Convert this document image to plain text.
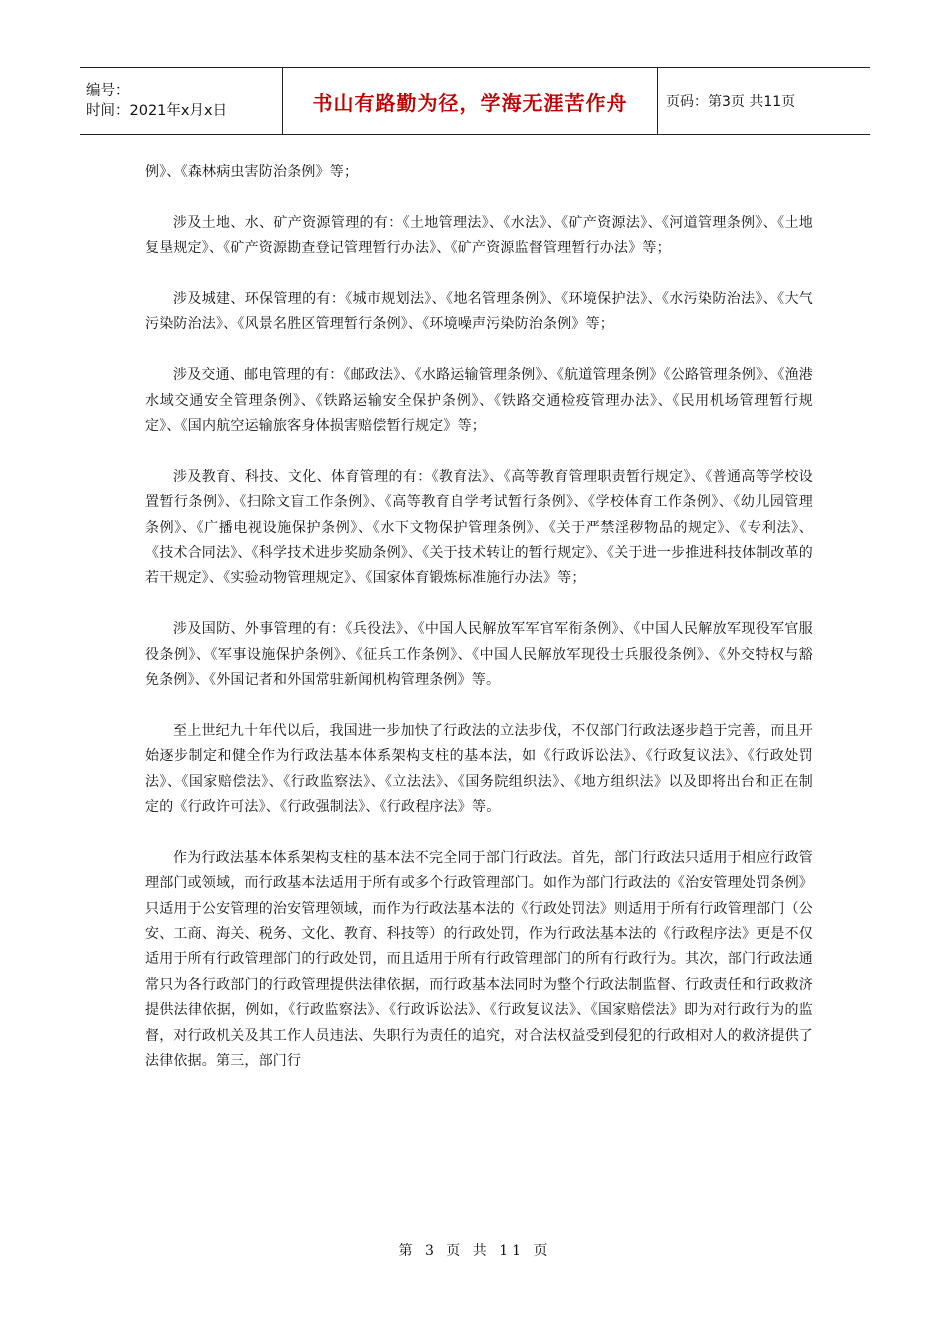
编号：
时间：2021年x月x日	书山有路勤为径，学海无涯苦作舟	页码：第3页 共11页

例》、《森林病虫害防治条例》等；

涉及土地、水、矿产资源管理的有：《土地管理法》、《水法》、《矿产资源法》、《河道管理条例》、《土地复垦规定》、《矿产资源勘查登记管理暂行办法》、《矿产资源监督管理暂行办法》等；

涉及城建、环保管理的有：《城市规划法》、《地名管理条例》、《环境保护法》、《水污染防治法》、《大气污染防治法》、《风景名胜区管理暂行条例》、《环境噪声污染防治条例》等；

涉及交通、邮电管理的有：《邮政法》、《水路运输管理条例》、《航道管理条例》《公路管理条例》、《渔港水域交通安全管理条例》、《铁路运输安全保护条例》、《铁路交通检疫管理办法》、《民用机场管理暂行规定》、《国内航空运输旅客身体损害赔偿暂行规定》等；

涉及教育、科技、文化、体育管理的有：《教育法》、《高等教育管理职责暂行规定》、《普通高等学校设置暂行条例》、《扫除文盲工作条例》、《高等教育自学考试暂行条例》、《学校体育工作条例》、《幼儿园管理条例》、《广播电视设施保护条例》、《水下文物保护管理条例》、《关于严禁淫秽物品的规定》、《专利法》、《技术合同法》、《科学技术进步奖励条例》、《关于技术转让的暂行规定》、《关于进一步推进科技体制改革的若干规定》、《实验动物管理规定》、《国家体育锻炼标准施行办法》等；

涉及国防、外事管理的有：《兵役法》、《中国人民解放军军官军衔条例》、《中国人民解放军现役军官服役条例》、《军事设施保护条例》、《征兵工作条例》、《中国人民解放军现役士兵服役条例》、《外交特权与豁免条例》、《外国记者和外国常驻新闻机构管理条例》等。

至上世纪九十年代以后，我国进一步加快了行政法的立法步伐，不仅部门行政法逐步趋于完善，而且开始逐步制定和健全作为行政法基本体系架构支柱的基本法，如《行政诉讼法》、《行政复议法》、《行政处罚法》、《国家赔偿法》、《行政监察法》、《立法法》、《国务院组织法》、《地方组织法》以及即将出台和正在制定的《行政许可法》、《行政强制法》、《行政程序法》等。

作为行政法基本体系架构支柱的基本法不完全同于部门行政法。首先，部门行政法只适用于相应行政管理部门或领域，而行政基本法适用于所有或多个行政管理部门。如作为部门行政法的《治安管理处罚条例》只适用于公安管理的治安管理领域，而作为行政法基本法的《行政处罚法》则适用于所有行政管理部门（公安、工商、海关、税务、文化、教育、科技等）的行政处罚，作为行政法基本法的《行政程序法》更是不仅适用于所有行政管理部门的行政处罚，而且适用于所有行政管理部门的所有行政行为。其次，部门行政法通常只为各行政部门的行政管理提供法律依据，而行政基本法同时为整个行政法制监督、行政责任和行政救济提供法律依据，例如，《行政监察法》、《行政诉讼法》、《行政复议法》、《国家赔偿法》即为对行政行为的监督，对行政机关及其工作人员违法、失职行为责任的追究，对合法权益受到侵犯的行政相对人的救济提供了法律依据。第三，部门行

第 3 页 共 11 页
